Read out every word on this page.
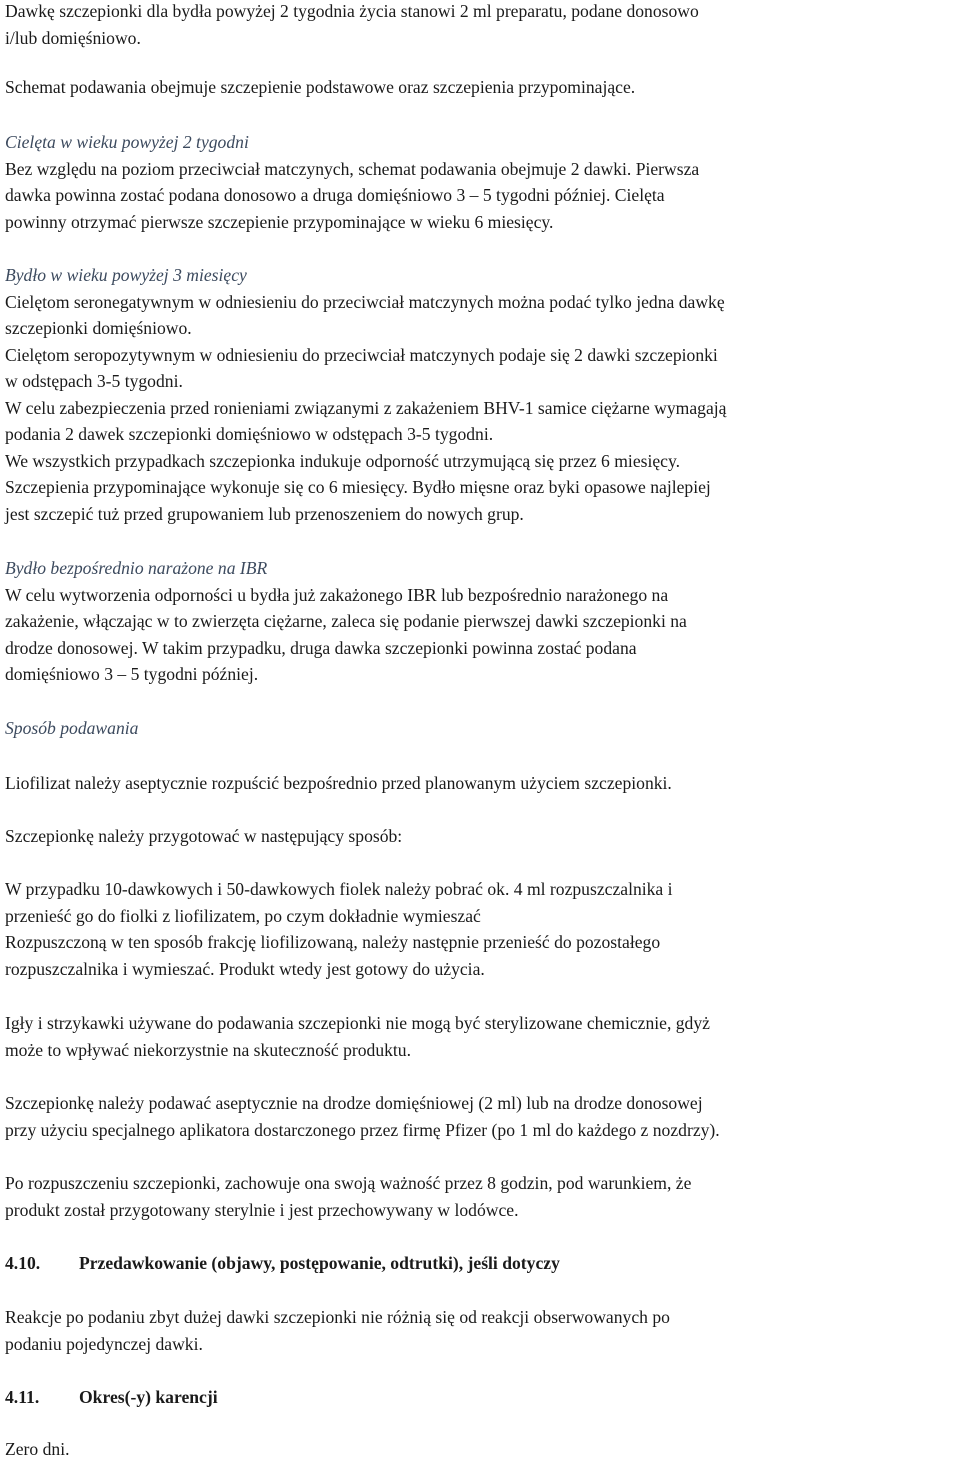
Dawkę szczepionki dla bydła powyżej 2 tygodnia życia stanowi 2 ml preparatu, podane donosowo
i/lub domięśniowo.
Schemat podawania obejmuje szczepienie podstawowe oraz szczepienia przypominające.
Cielęta w wieku powyżej 2 tygodni
Bez względu na poziom przeciwciał matczynych, schemat podawania obejmuje 2 dawki. Pierwsza
dawka powinna zostać podana donosowo a druga domięśniowo 3 – 5 tygodni później. Cielęta
powinny otrzymać pierwsze szczepienie przypominające w wieku 6 miesięcy.
Bydło w wieku powyżej 3 miesięcy
Cielętom seronegatywnym w odniesieniu do przeciwciał matczynych można podać tylko jedna dawkę
szczepionki domięśniowo.
Cielętom seropozytywnym w odniesieniu do przeciwciał matczynych podaje się 2 dawki szczepionki
w odstępach 3-5 tygodni.
W celu zabezpieczenia przed ronieniami związanymi z zakażeniem BHV-1 samice ciężarne wymagają
podania 2 dawek szczepionki domięśniowo w odstępach 3-5 tygodni.
We wszystkich przypadkach szczepionka indukuje odporność utrzymującą się przez 6 miesięcy.
Szczepienia przypominające wykonuje się co 6 miesięcy. Bydło mięsne oraz byki opasowe najlepiej
jest szczepić tuż przed grupowaniem lub przenoszeniem do nowych grup.
Bydło bezpośrednio narażone na IBR
W celu wytworzenia odporności u bydła już zakażonego IBR lub bezpośrednio narażonego na
zakażenie, włączając w to zwierzęta ciężarne, zaleca się podanie pierwszej dawki szczepionki na
drodze donosowej. W takim przypadku, druga dawka szczepionki powinna zostać podana
domięśniowo 3 – 5 tygodni później.
Sposób podawania
Liofilizat należy aseptycznie rozpuścić bezpośrednio przed planowanym użyciem szczepionki.
Szczepionkę należy przygotować w następujący sposób:
W przypadku 10-dawkowych i 50-dawkowych fiolek należy pobrać ok. 4 ml rozpuszczalnika i
przenieść go do fiolki z liofilizatem, po czym dokładnie wymieszać
Rozpuszczoną w ten sposób frakcję liofilizowaną, należy następnie przenieść do pozostałego
rozpuszczalnika i wymieszać. Produkt wtedy jest gotowy do użycia.
Igły i strzykawki używane do podawania szczepionki nie mogą być sterylizowane chemicznie, gdyż
może to wpływać niekorzystnie na skuteczność produktu.
Szczepionkę należy podawać aseptycznie na drodze domięśniowej (2 ml) lub na drodze donosowej
przy użyciu specjalnego aplikatora dostarczonego przez firmę Pfizer (po 1 ml do każdego z nozdrzy).
Po rozpuszczeniu szczepionki, zachowuje ona swoją ważność przez 8 godzin, pod warunkiem, że
produkt został przygotowany sterylnie i jest przechowywany w lodówce.
4.10. Przedawkowanie (objawy, postępowanie, odtrutki), jeśli dotyczy
Reakcje po podaniu zbyt dużej dawki szczepionki nie różnią się od reakcji obserwowanych po
podaniu pojedynczej dawki.
4.11. Okres(-y) karencji
Zero dni.
